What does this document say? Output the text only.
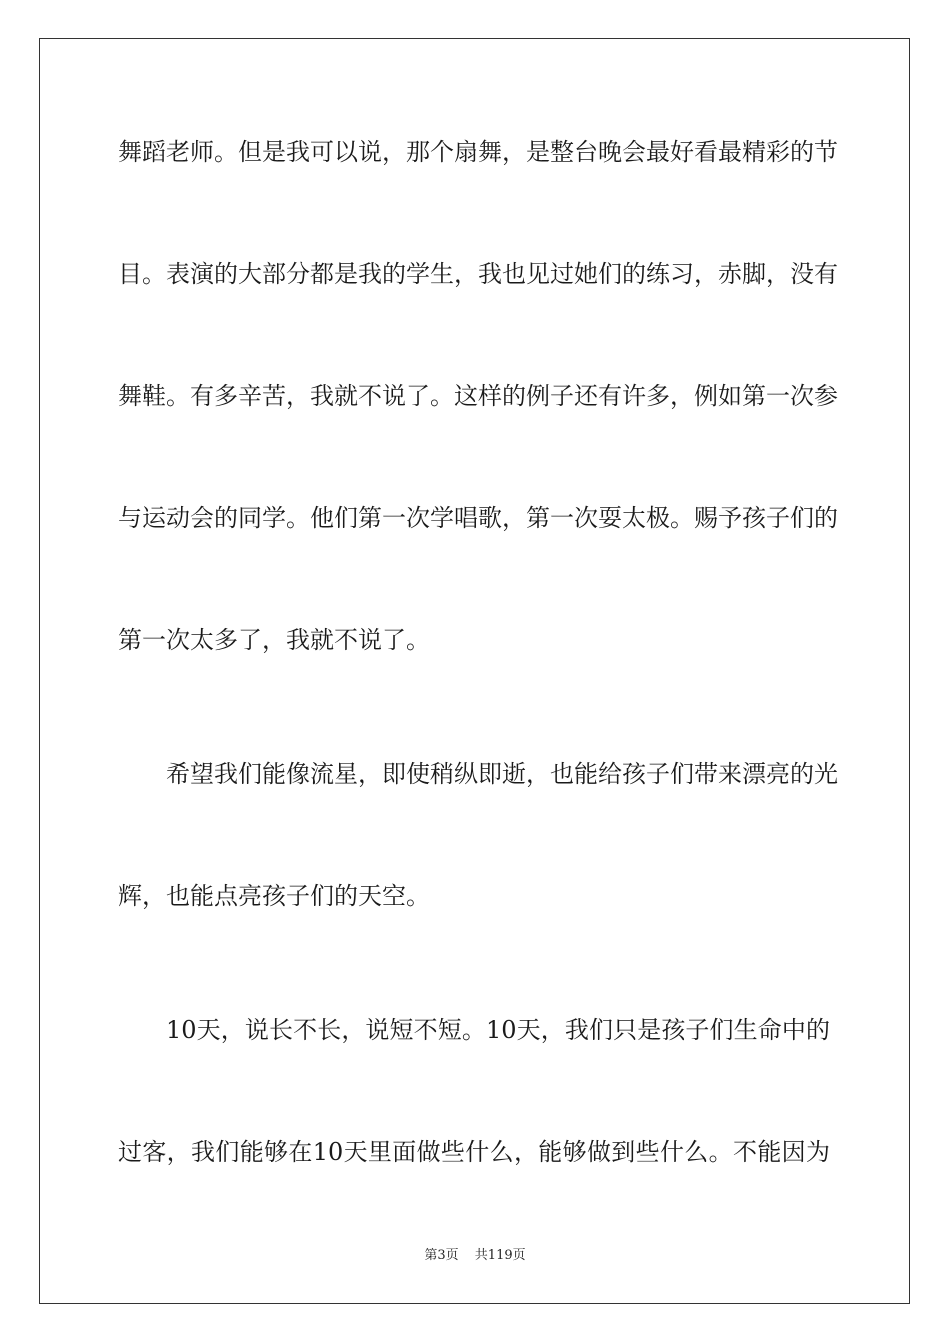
舞蹈老师。但是我可以说，那个扇舞，是整台晚会最好看最精彩的节
目。表演的大部分都是我的学生，我也见过她们的练习，赤脚，没有
舞鞋。有多辛苦，我就不说了。这样的例子还有许多，例如第一次参
与运动会的同学。他们第一次学唱歌，第一次耍太极。赐予孩子们的
第一次太多了，我就不说了。
希望我们能像流星，即使稍纵即逝，也能给孩子们带来漂亮的光
辉，也能点亮孩子们的天空。
10天，说长不长，说短不短。10天，我们只是孩子们生命中的
过客，我们能够在10天里面做些什么，能够做到些什么。不能因为
第3页 共119页
